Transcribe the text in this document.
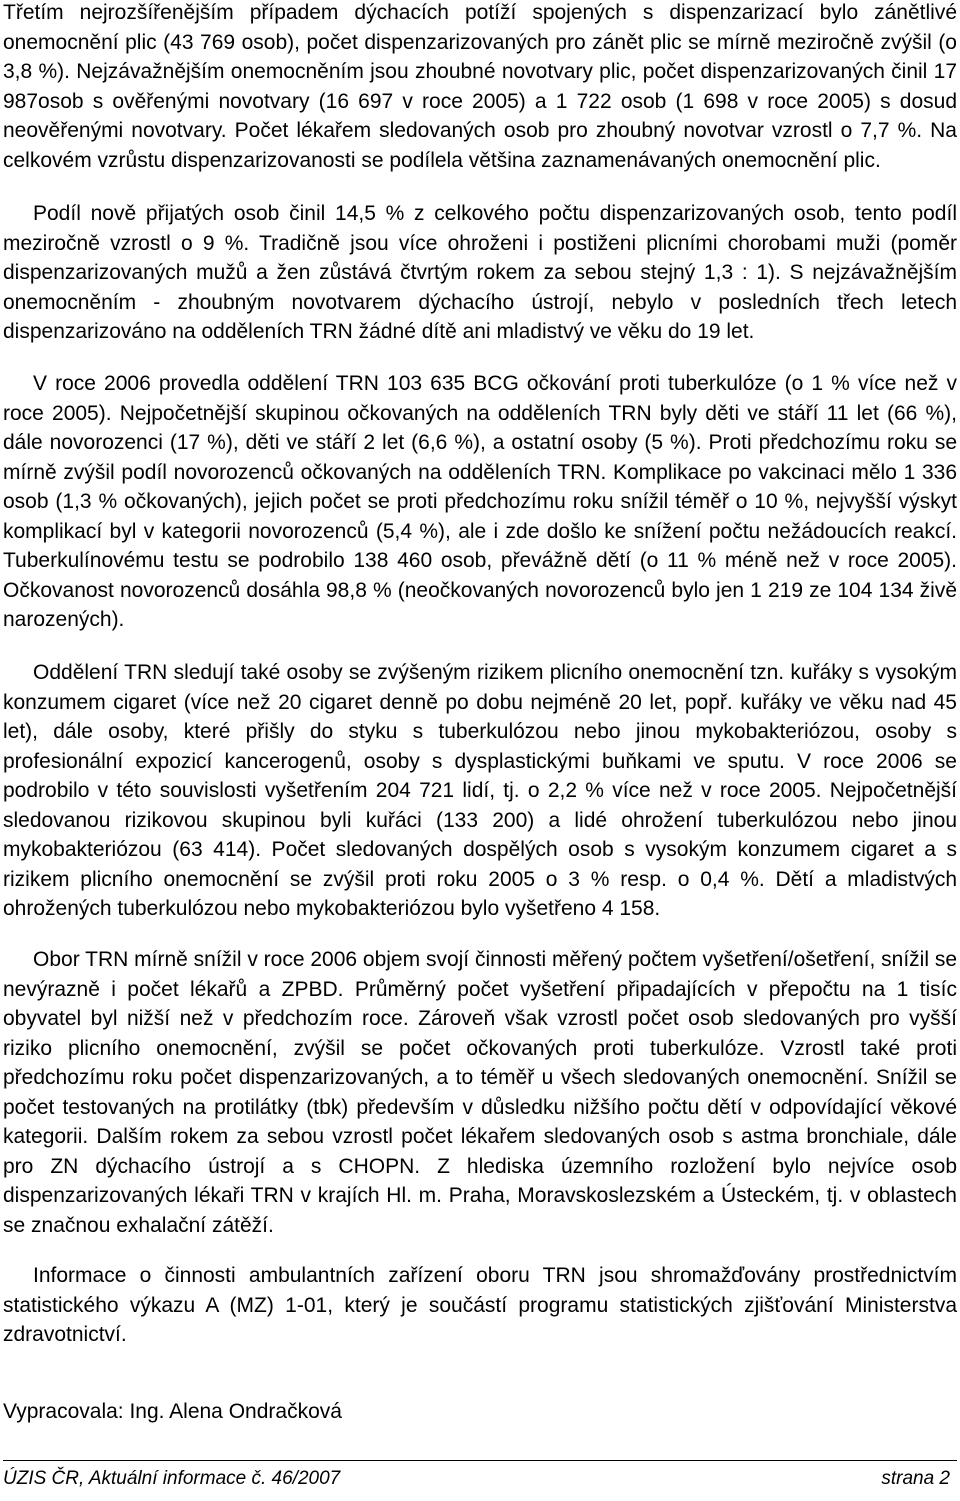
Třetím nejrozšířenějším případem dýchacích potíží spojených s dispenzarizací bylo zánětlivé onemocnění plic (43 769 osob), počet dispenzarizovaných pro zánět plic se mírně meziročně zvýšil (o 3,8 %). Nejzávažnějším onemocněním jsou zhoubné novotvary plic, počet dispenzarizovaných činil 17 987osob s ověřenými novotvary (16 697 v roce 2005) a 1 722 osob (1 698 v roce 2005) s dosud neověřenými novotvary. Počet lékařem sledovaných osob pro zhoubný novotvar vzrostl o 7,7 %. Na celkovém vzrůstu dispenzarizovanosti se podílela většina zaznamenávaných onemocnění plic.

Podíl nově přijatých osob činil 14,5 % z celkového počtu dispenzarizovaných osob, tento podíl meziročně vzrostl o 9 %. Tradičně jsou více ohroženi i postiženi plicními chorobami muži (poměr dispenzarizovaných mužů a žen zůstává čtvrtým rokem za sebou stejný 1,3 : 1). S nejzávažnějším onemocněním - zhoubným novotvarem dýchacího ústrojí, nebylo v posledních třech letech dispenzarizováno na odděleních TRN žádné dítě ani mladistvý ve věku do 19 let.

V roce 2006 provedla oddělení TRN 103 635 BCG očkování proti tuberkulóze (o 1 % více než v roce 2005). Nejpočetnější skupinou očkovaných na odděleních TRN byly děti ve stáří 11 let (66 %), dále novorozenci (17 %), děti ve stáří 2 let (6,6 %), a ostatní osoby (5 %). Proti předchozímu roku se mírně zvýšil podíl novorozenců očkovaných na odděleních TRN. Komplikace po vakcinaci mělo 1 336 osob (1,3 % očkovaných), jejich počet se proti předchozímu roku snížil téměř o 10 %, nejvyšší výskyt komplikací byl v kategorii novorozenců (5,4 %), ale i zde došlo ke snížení počtu nežádoucích reakcí. Tuberkulínovému testu se podrobilo 138 460 osob, převážně dětí (o 11 % méně než v roce 2005). Očkovanost novorozenců dosáhla 98,8 % (neočkovaných novorozenců bylo jen 1 219 ze 104 134 živě narozených).

Oddělení TRN sledují také osoby se zvýšeným rizikem plicního onemocnění tzn. kuřáky s vysokým konzumem cigaret (více než 20 cigaret denně po dobu nejméně 20 let, popř. kuřáky ve věku nad 45 let), dále osoby, které přišly do styku s tuberkulózou nebo jinou mykobakteriózou, osoby s profesionální expozicí kancerogenů, osoby s dysplastickými buňkami ve sputu. V roce 2006 se podrobilo v této souvislosti vyšetřením 204 721 lidí, tj. o 2,2 % více než v roce 2005. Nejpočetnější sledovanou rizikovou skupinou byli kuřáci (133 200) a lidé ohrožení tuberkulózou nebo jinou mykobakteriózou (63 414). Počet sledovaných dospělých osob s vysokým konzumem cigaret a s rizikem plicního onemocnění se zvýšil proti roku 2005 o 3 % resp. o 0,4 %. Dětí a mladistvých ohrožených tuberkulózou nebo mykobakteriózou bylo vyšetřeno 4 158.

Obor TRN mírně snížil v roce 2006 objem svojí činnosti měřený počtem vyšetření/ošetření, snížil se nevýrazně i počet lékařů a ZPBD. Průměrný počet vyšetření připadajících v přepočtu na 1 tisíc obyvatel byl nižší než v předchozím roce. Zároveň však vzrostl počet osob sledovaných pro vyšší riziko plicního onemocnění, zvýšil se počet očkovaných proti tuberkulóze. Vzrostl také proti předchozímu roku počet dispenzarizovaných, a to téměř u všech sledovaných onemocnění. Snížil se počet testovaných na protilátky (tbk) především v důsledku nižšího počtu dětí v odpovídající věkové kategorii. Dalším rokem za sebou vzrostl počet lékařem sledovaných osob s astma bronchiale, dále pro ZN dýchacího ústrojí a s CHOPN. Z hlediska územního rozložení bylo nejvíce osob dispenzarizovaných lékaři TRN v krajích Hl. m. Praha, Moravskoslezském a Ústeckém, tj. v oblastech se značnou exhalační zátěží.

Informace o činnosti ambulantních zařízení oboru TRN jsou shromažďovány prostřednictvím statistického výkazu A (MZ) 1-01, který je součástí programu statistických zjišťování Ministerstva zdravotnictví.

Vypracovala: Ing. Alena Ondračková

ÚZIS ČR, Aktuální informace č. 46/2007	strana 2
